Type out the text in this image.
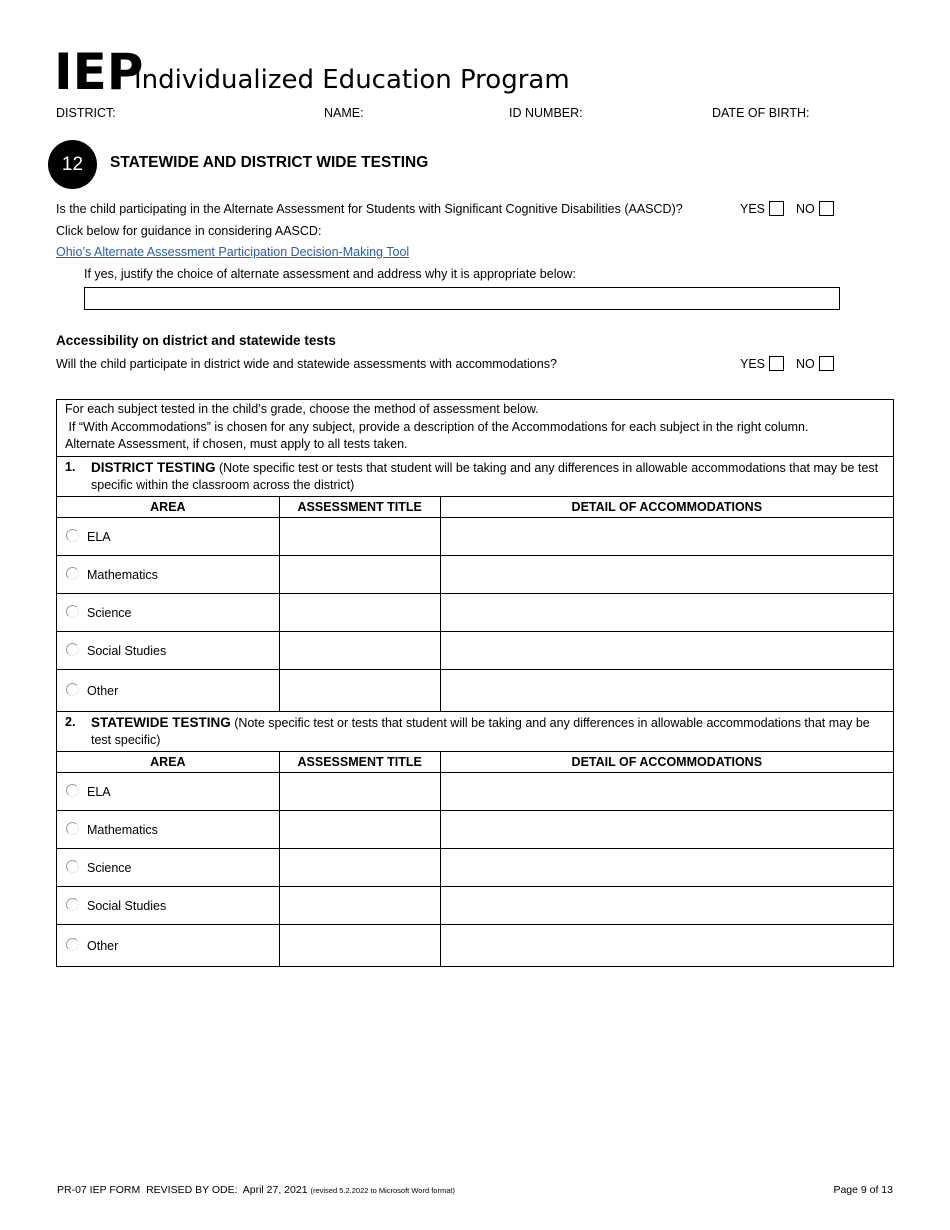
IEP
Individualized Education Program
DISTRICT:	NAME:	ID NUMBER:	DATE OF BIRTH:
12	STATEWIDE AND DISTRICT WIDE TESTING
Is the child participating in the Alternate Assessment for Students with Significant Cognitive Disabilities (AASCD)?	YES	NO
Click below for guidance in considering AASCD:
Ohio’s Alternate Assessment Participation Decision-Making Tool
If yes, justify the choice of alternate assessment and address why it is appropriate below:
Accessibility on district and statewide tests
Will the child participate in district wide and statewide assessments with accommodations?	YES	NO
For each subject tested in the child’s grade, choose the method of assessment below.
If “With Accommodations” is chosen for any subject, provide a description of the Accommodations for each subject in the right column.
Alternate Assessment, if chosen, must apply to all tests taken.		

1. DISTRICT TESTING (Note specific test or tests that student will be taking and any differences in allowable accommodations that may be test specific within the classroom across the district)		
AREA	ASSESSMENT TITLE	DETAIL OF ACCOMMODATIONS
ELA		
Mathematics		
Science		
Social Studies		
Other		

2. STATEWIDE TESTING (Note specific test or tests that student will be taking and any differences in allowable accommodations that may be test specific)		
AREA	ASSESSMENT TITLE	DETAIL OF ACCOMMODATIONS
ELA		
Mathematics		
Science		
Social Studies		
Other		
PR-07 IEP FORM  REVISED BY ODE:  April 27, 2021 (revised 5.2.2022 to Microsoft Word format)	Page 9 of 13
